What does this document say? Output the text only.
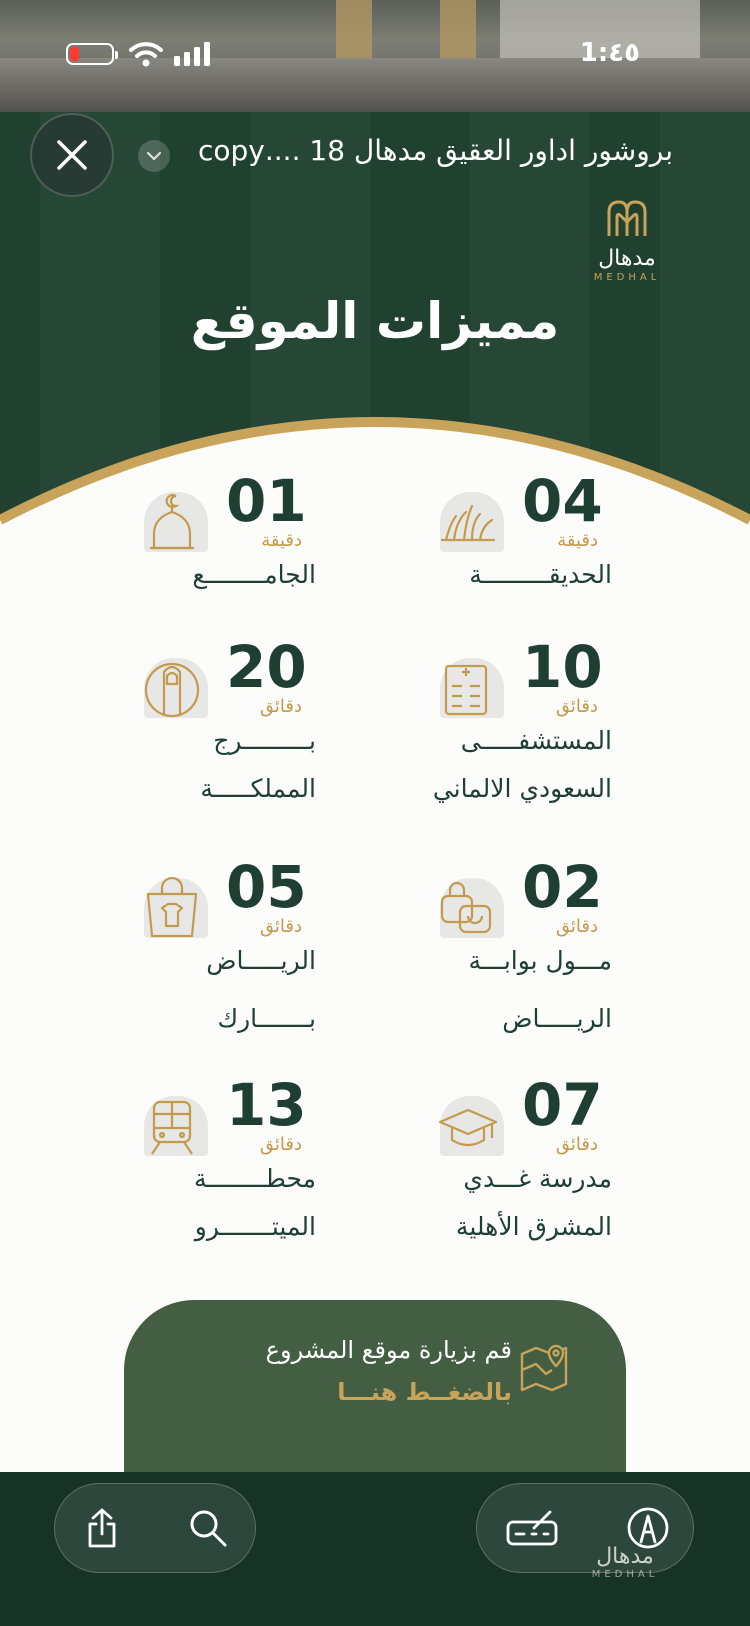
1:٤٥
بروشور اداور العقيق مدهال 18 ....copy
مدهال
MEDHAL
مميزات الموقع
04
دقيقة
الحديقـــــــــة
10
دقائق
المستشفـــــى
السعودي الالماني
02
دقائق
مـــول بوابـــة
الريـــــاض
07
دقائق
مدرسة غـــدي
المشرق الأهلية
01
دقيقة
الجامــــــــع
20
دقائق
بـــــــــرج
المملكـــــة
05
دقائق
الريـــــاض
بـــــــارك
13
دقائق
محطــــــــة
الميتـــــــرو
قم بزيارة موقع المشروع
بالضغــط هنـــا
مدهال
MEDHAL
